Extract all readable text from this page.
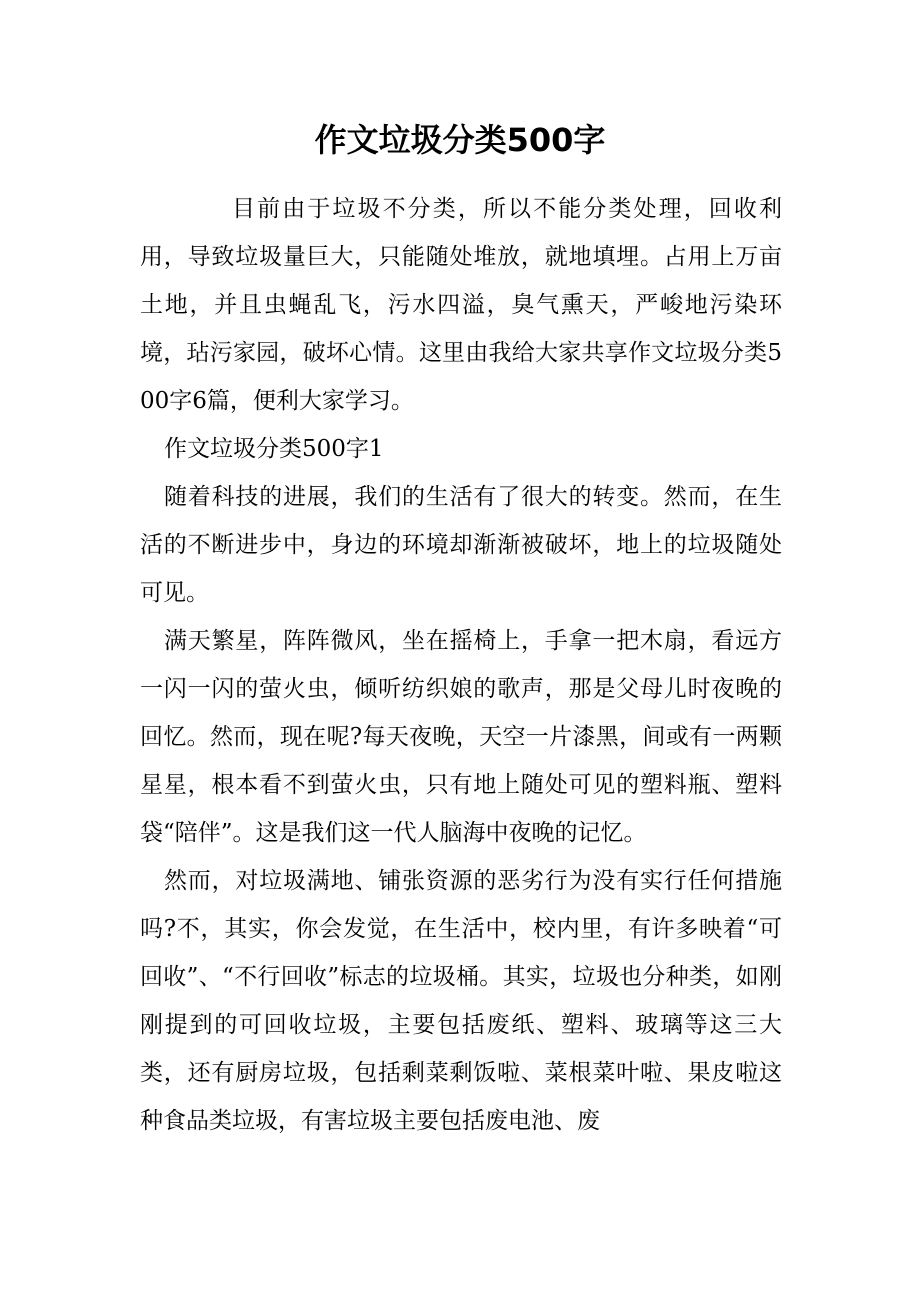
作文垃圾分类500字

目前由于垃圾不分类，所以不能分类处理，回收利用，导致垃圾量巨大，只能随处堆放，就地填埋。占用上万亩土地，并且虫蝇乱飞，污水四溢，臭气熏天，严峻地污染环境，玷污家园，破坏心情。这里由我给大家共享作文垃圾分类500字6篇，便利大家学习。

作文垃圾分类500字1

随着科技的进展，我们的生活有了很大的转变。然而，在生活的不断进步中，身边的环境却渐渐被破坏，地上的垃圾随处可见。

满天繁星，阵阵微风，坐在摇椅上，手拿一把木扇，看远方一闪一闪的萤火虫，倾听纺织娘的歌声，那是父母儿时夜晚的回忆。然而，现在呢?每天夜晚，天空一片漆黑，间或有一两颗星星，根本看不到萤火虫，只有地上随处可见的塑料瓶、塑料袋“陪伴”。这是我们这一代人脑海中夜晚的记忆。

然而，对垃圾满地、铺张资源的恶劣行为没有实行任何措施吗?不，其实，你会发觉，在生活中，校内里，有许多映着“可回收”、“不行回收”标志的垃圾桶。其实，垃圾也分种类，如刚刚提到的可回收垃圾，主要包括废纸、塑料、玻璃等这三大类，还有厨房垃圾，包括剩菜剩饭啦、菜根菜叶啦、果皮啦这种食品类垃圾，有害垃圾主要包括废电池、废
